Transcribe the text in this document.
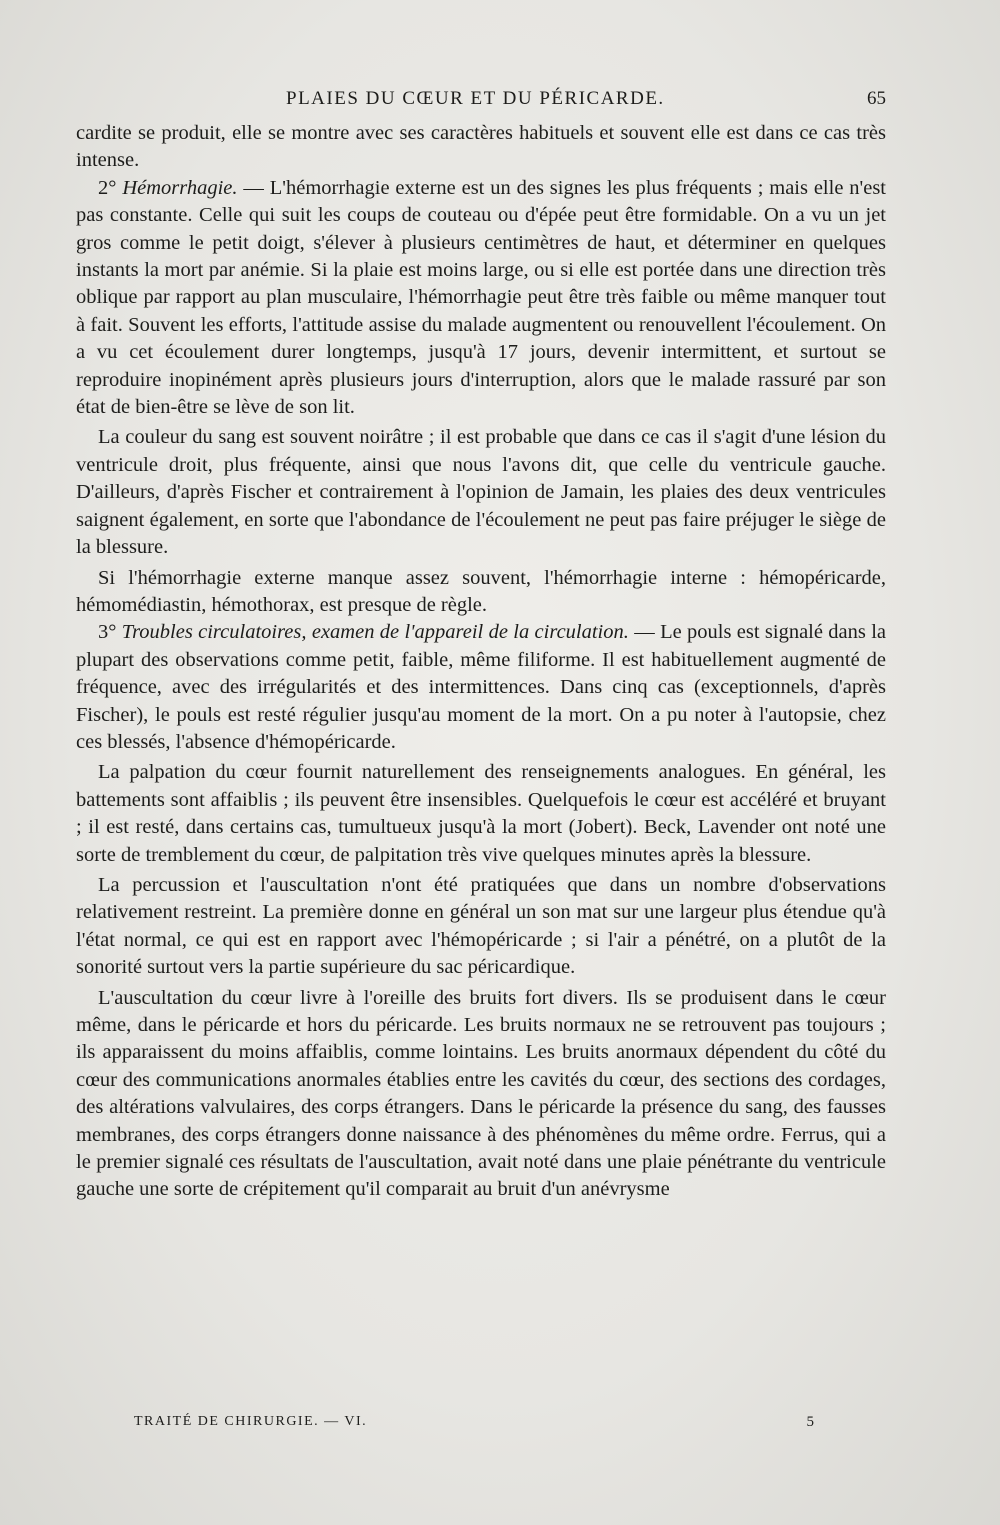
PLAIES DU CŒUR ET DU PÉRICARDE.	65

cardite se produit, elle se montre avec ses caractères habituels et souvent elle est dans ce cas très intense.

2° Hémorrhagie. — L'hémorrhagie externe est un des signes les plus fréquents ; mais elle n'est pas constante. Celle qui suit les coups de couteau ou d'épée peut être formidable. On a vu un jet gros comme le petit doigt, s'élever à plusieurs centimètres de haut, et déterminer en quelques instants la mort par anémie. Si la plaie est moins large, ou si elle est portée dans une direction très oblique par rapport au plan musculaire, l'hémorrhagie peut être très faible ou même manquer tout à fait. Souvent les efforts, l'attitude assise du malade augmentent ou renouvellent l'écoulement. On a vu cet écoulement durer longtemps, jusqu'à 17 jours, devenir intermittent, et surtout se reproduire inopinément après plusieurs jours d'interruption, alors que le malade rassuré par son état de bien-être se lève de son lit.

La couleur du sang est souvent noirâtre ; il est probable que dans ce cas il s'agit d'une lésion du ventricule droit, plus fréquente, ainsi que nous l'avons dit, que celle du ventricule gauche. D'ailleurs, d'après Fischer et contrairement à l'opinion de Jamain, les plaies des deux ventricules saignent également, en sorte que l'abondance de l'écoulement ne peut pas faire préjuger le siège de la blessure.

Si l'hémorrhagie externe manque assez souvent, l'hémorrhagie interne : hémopéricarde, hémomédiastin, hémothorax, est presque de règle.

3° Troubles circulatoires, examen de l'appareil de la circulation. — Le pouls est signalé dans la plupart des observations comme petit, faible, même filiforme. Il est habituellement augmenté de fréquence, avec des irrégularités et des intermittences. Dans cinq cas (exceptionnels, d'après Fischer), le pouls est resté régulier jusqu'au moment de la mort. On a pu noter à l'autopsie, chez ces blessés, l'absence d'hémopéricarde.

La palpation du cœur fournit naturellement des renseignements analogues. En général, les battements sont affaiblis ; ils peuvent être insensibles. Quelquefois le cœur est accéléré et bruyant ; il est resté, dans certains cas, tumultueux jusqu'à la mort (Jobert). Beck, Lavender ont noté une sorte de tremblement du cœur, de palpitation très vive quelques minutes après la blessure.

La percussion et l'auscultation n'ont été pratiquées que dans un nombre d'observations relativement restreint. La première donne en général un son mat sur une largeur plus étendue qu'à l'état normal, ce qui est en rapport avec l'hémopéricarde ; si l'air a pénétré, on a plutôt de la sonorité surtout vers la partie supérieure du sac péricardique.

L'auscultation du cœur livre à l'oreille des bruits fort divers. Ils se produisent dans le cœur même, dans le péricarde et hors du péricarde. Les bruits normaux ne se retrouvent pas toujours ; ils apparaissent du moins affaiblis, comme lointains. Les bruits anormaux dépendent du côté du cœur des communications anormales établies entre les cavités du cœur, des sections des cordages, des altérations valvulaires, des corps étrangers. Dans le péricarde la présence du sang, des fausses membranes, des corps étrangers donne naissance à des phénomènes du même ordre. Ferrus, qui a le premier signalé ces résultats de l'auscultation, avait noté dans une plaie pénétrante du ventricule gauche une sorte de crépitement qu'il comparait au bruit d'un anévrysme

TRAITÉ DE CHIRURGIE. — VI.	5
